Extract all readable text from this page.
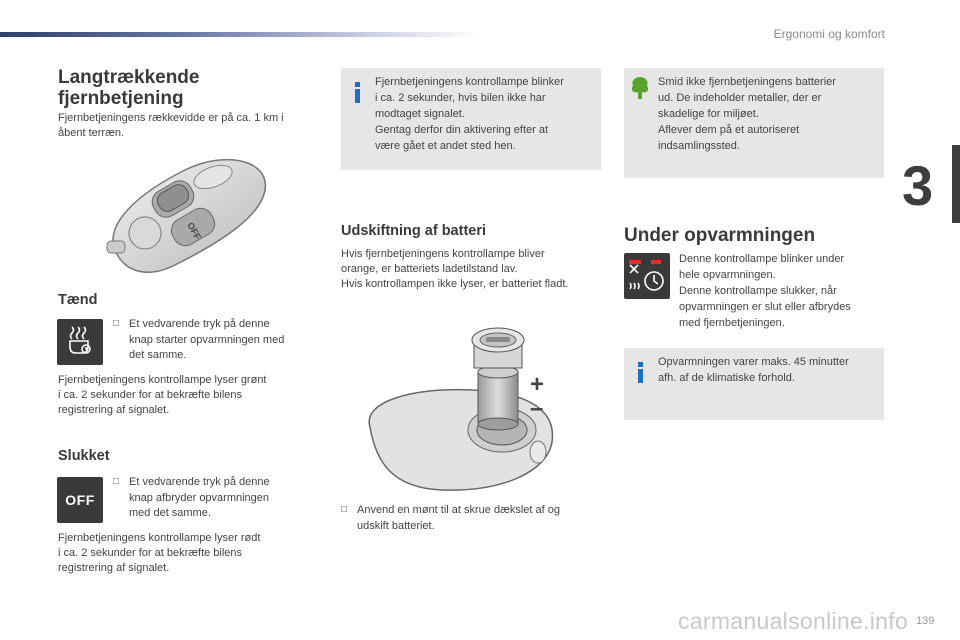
Ergonomi og komfort
3
Langtrækkende
fjernbetjening
Fjernbetjeningens rækkevidde er på ca. 1 km i
åbent terræn.
OFF
Tænd
□ Et vedvarende tryk på denne
knap starter opvarmningen med
det samme.
Fjernbetjeningens kontrollampe lyser grønt
i ca. 2 sekunder for at bekræfte bilens
registrering af signalet.
Slukket
OFF
□ Et vedvarende tryk på denne
knap afbryder opvarmningen
med det samme.
Fjernbetjeningens kontrollampe lyser rødt
i ca. 2 sekunder for at bekræfte bilens
registrering af signalet.
Fjernbetjeningens kontrollampe blinker
i ca. 2 sekunder, hvis bilen ikke har
modtaget signalet.
Gentag derfor din aktivering efter at
være gået et andet sted hen.
Udskiftning af batteri
Hvis fjernbetjeningens kontrollampe bliver
orange, er batteriets ladetilstand lav.
Hvis kontrollampen ikke lyser, er batteriet fladt.
+
–
□ Anvend en mønt til at skrue dækslet af og
udskift batteriet.
Smid ikke fjernbetjeningens batterier
ud. De indeholder metaller, der er
skadelige for miljøet.
Aflever dem på et autoriseret
indsamlingssted.
Under opvarmningen
Denne kontrollampe blinker under
hele opvarmningen.
Denne kontrollampe slukker, når
opvarmningen er slut eller afbrydes
med fjernbetjeningen.
Opvarmningen varer maks. 45 minutter
afh. af de klimatiske forhold.
139
carmanualsonline.info
